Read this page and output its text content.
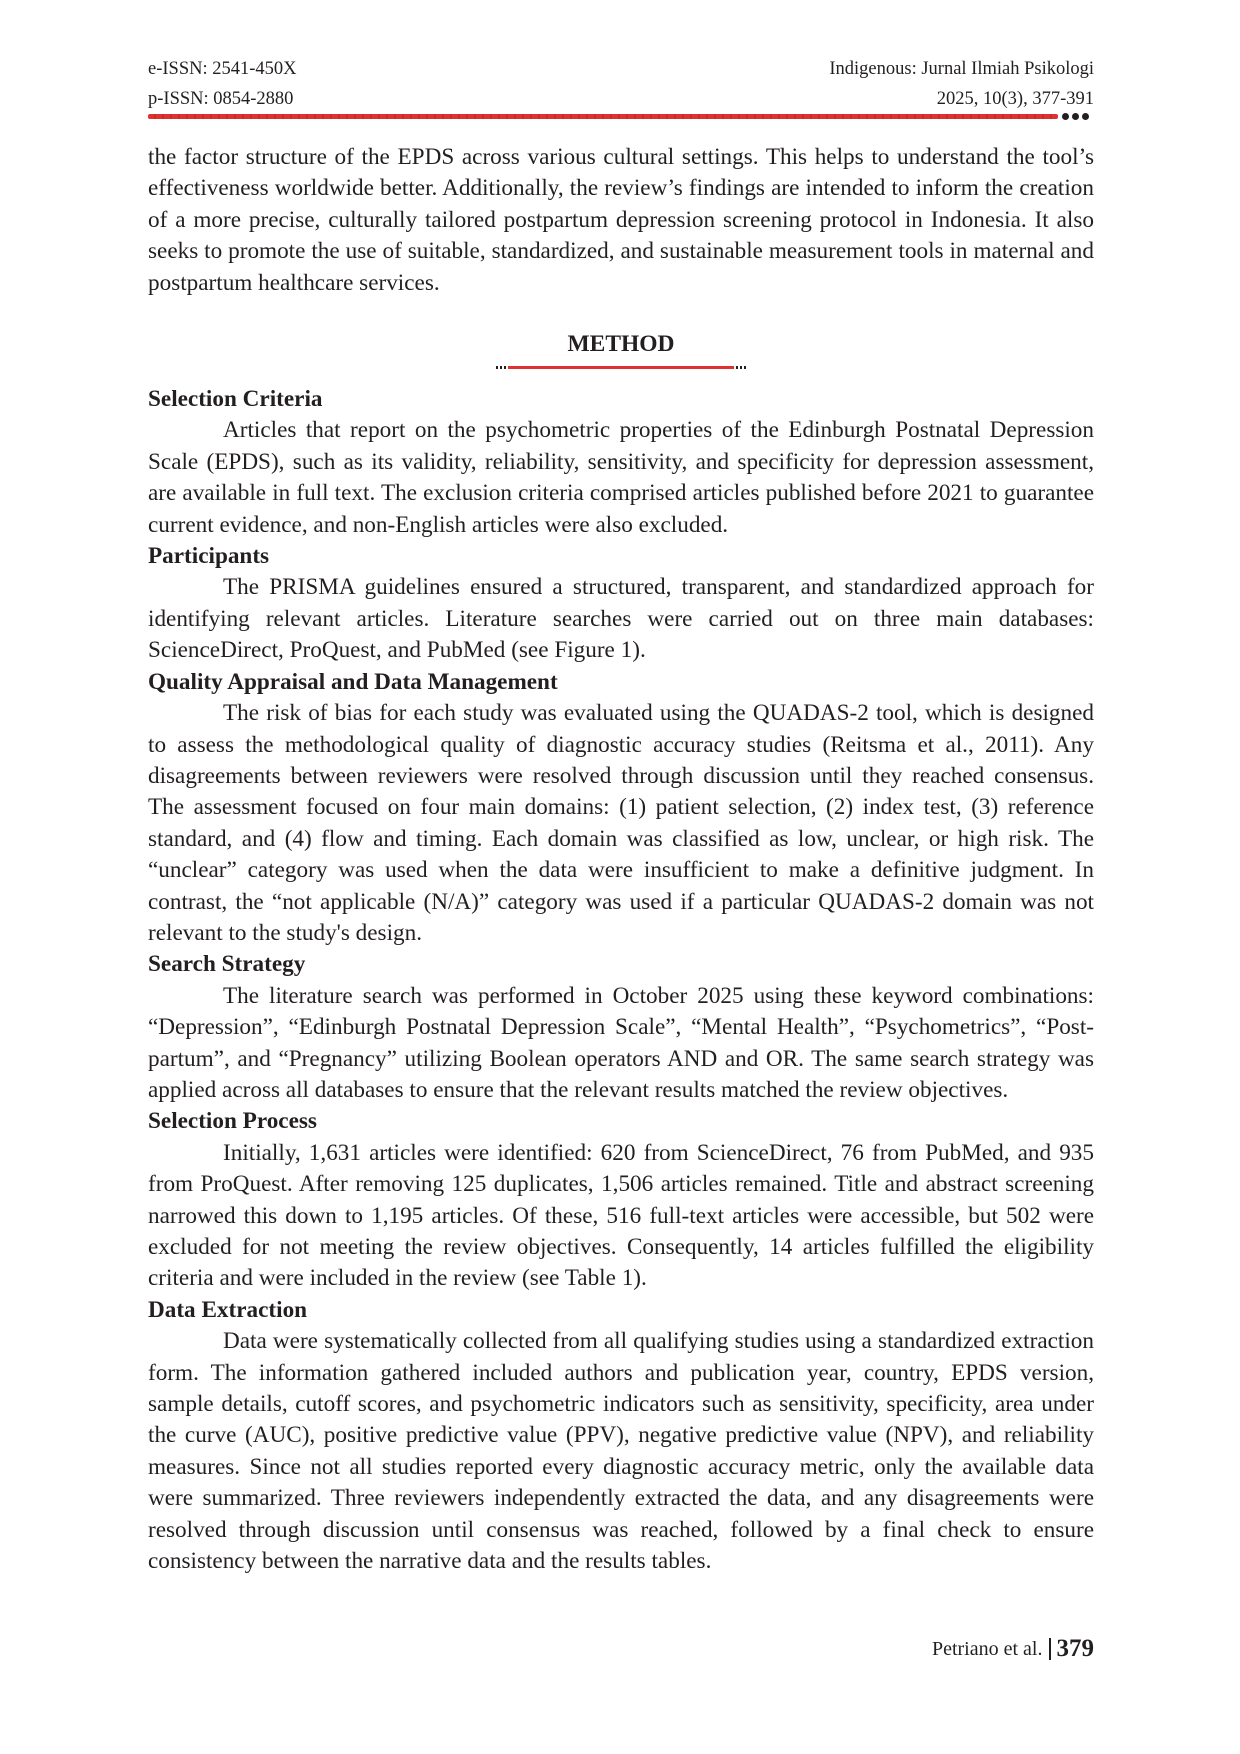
e-ISSN: 2541-450X	Indigenous: Jurnal Ilmiah Psikologi
p-ISSN: 0854-2880	2025, 10(3), 377-391

the factor structure of the EPDS across various cultural settings. This helps to understand the tool’s effectiveness worldwide better. Additionally, the review’s findings are intended to inform the creation of a more precise, culturally tailored postpartum depression screening protocol in Indonesia. It also seeks to promote the use of suitable, standardized, and sustainable measurement tools in maternal and postpartum healthcare services.

METHOD

Selection Criteria

Articles that report on the psychometric properties of the Edinburgh Postnatal Depression Scale (EPDS), such as its validity, reliability, sensitivity, and specificity for depression assessment, are available in full text. The exclusion criteria comprised articles published before 2021 to guarantee current evidence, and non-English articles were also excluded.

Participants

The PRISMA guidelines ensured a structured, transparent, and standardized approach for identifying relevant articles. Literature searches were carried out on three main databases: ScienceDirect, ProQuest, and PubMed (see Figure 1).

Quality Appraisal and Data Management

The risk of bias for each study was evaluated using the QUADAS-2 tool, which is designed to assess the methodological quality of diagnostic accuracy studies (Reitsma et al., 2011). Any disagreements between reviewers were resolved through discussion until they reached consensus. The assessment focused on four main domains: (1) patient selection, (2) index test, (3) reference standard, and (4) flow and timing. Each domain was classified as low, unclear, or high risk. The “unclear” category was used when the data were insufficient to make a definitive judgment. In contrast, the “not applicable (N/A)” category was used if a particular QUADAS-2 domain was not relevant to the study's design.

Search Strategy

The literature search was performed in October 2025 using these keyword combinations: “Depression”, “Edinburgh Postnatal Depression Scale”, “Mental Health”, “Psychometrics”, “Post-partum”, and “Pregnancy” utilizing Boolean operators AND and OR. The same search strategy was applied across all databases to ensure that the relevant results matched the review objectives.

Selection Process

Initially, 1,631 articles were identified: 620 from ScienceDirect, 76 from PubMed, and 935 from ProQuest. After removing 125 duplicates, 1,506 articles remained. Title and abstract screening narrowed this down to 1,195 articles. Of these, 516 full-text articles were accessible, but 502 were excluded for not meeting the review objectives. Consequently, 14 articles fulfilled the eligibility criteria and were included in the review (see Table 1).

Data Extraction

Data were systematically collected from all qualifying studies using a standardized extraction form. The information gathered included authors and publication year, country, EPDS version, sample details, cutoff scores, and psychometric indicators such as sensitivity, specificity, area under the curve (AUC), positive predictive value (PPV), negative predictive value (NPV), and reliability measures. Since not all studies reported every diagnostic accuracy metric, only the available data were summarized. Three reviewers independently extracted the data, and any disagreements were resolved through discussion until consensus was reached, followed by a final check to ensure consistency between the narrative data and the results tables.

Petriano et al. 379
